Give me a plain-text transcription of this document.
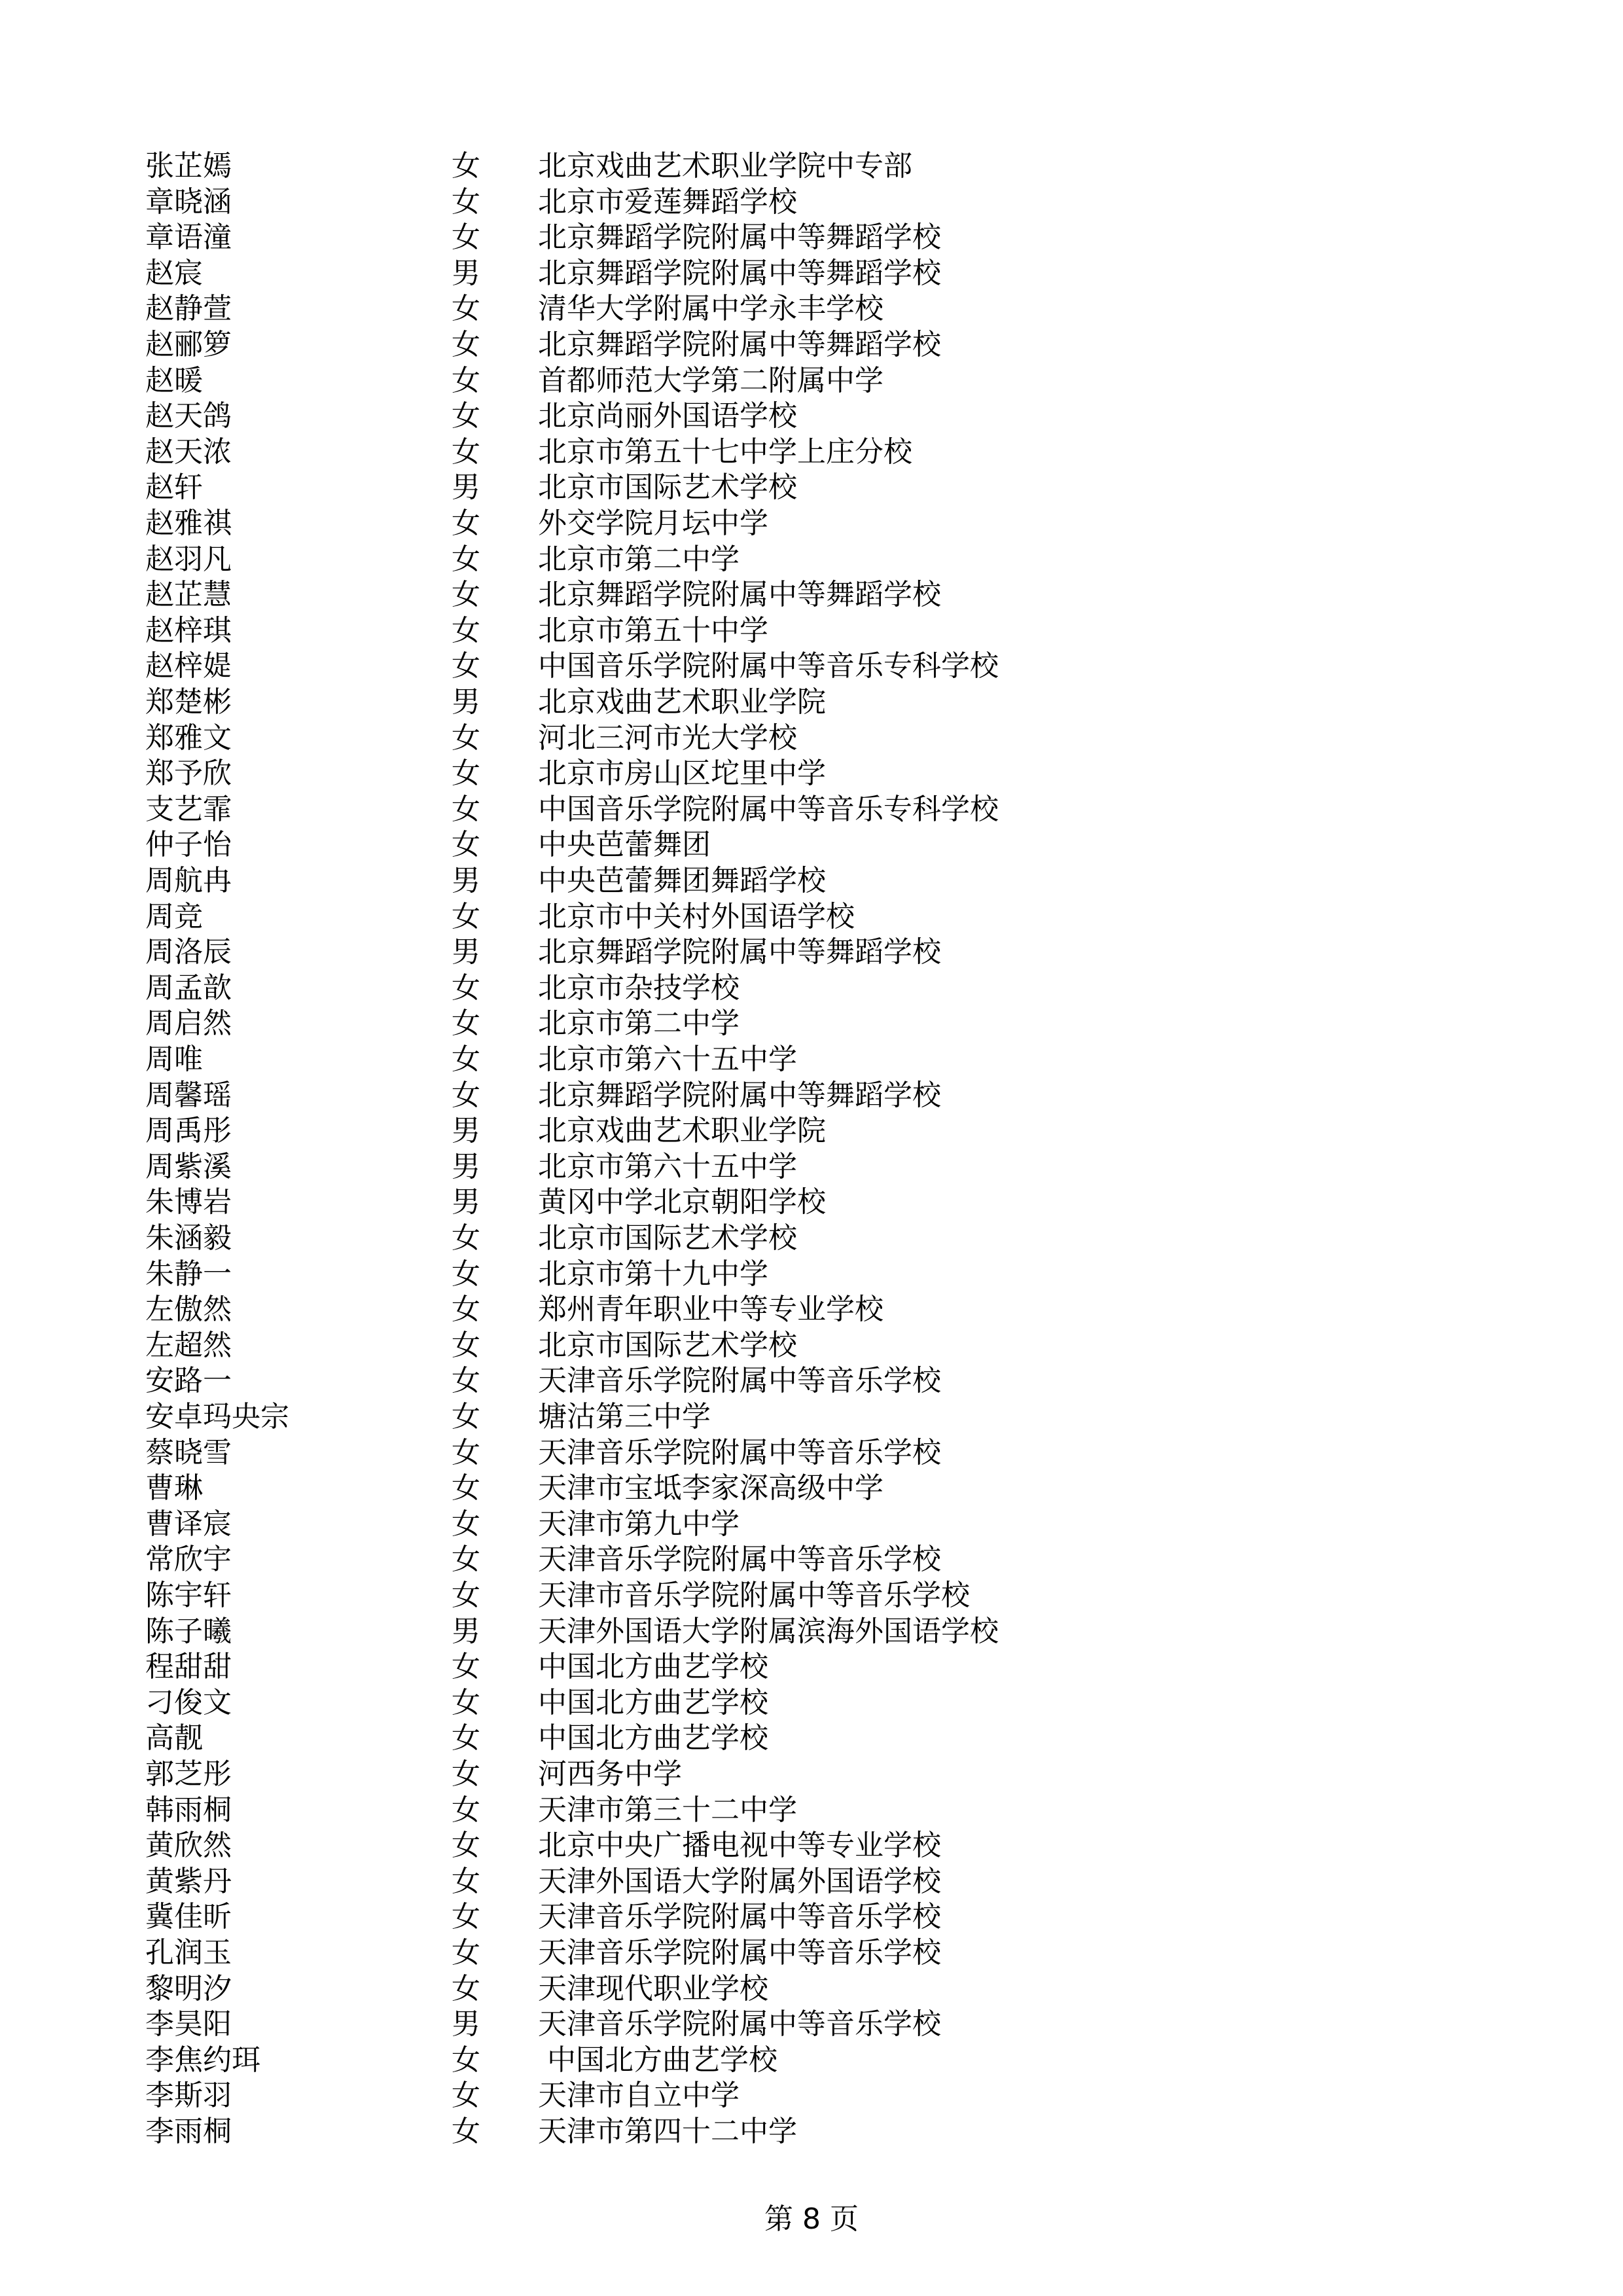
张芷嫣	女 北京戏曲艺术职业学院中专部
章晓涵	女 北京市爱莲舞蹈学校
章语潼	女 北京舞蹈学院附属中等舞蹈学校
赵宸	男 北京舞蹈学院附属中等舞蹈学校
赵静萱	女 清华大学附属中学永丰学校
赵郦箩	女 北京舞蹈学院附属中等舞蹈学校
赵暖	女 首都师范大学第二附属中学
赵天鸽	女 北京尚丽外国语学校
赵天浓	女 北京市第五十七中学上庄分校
赵轩	男 北京市国际艺术学校
赵雅祺	女 外交学院月坛中学
赵羽凡	女 北京市第二中学
赵芷慧	女 北京舞蹈学院附属中等舞蹈学校
赵梓琪	女 北京市第五十中学
赵梓媞	女 中国音乐学院附属中等音乐专科学校
郑楚彬	男 北京戏曲艺术职业学院
郑雅文	女 河北三河市光大学校
郑予欣	女 北京市房山区坨里中学
支艺霏	女 中国音乐学院附属中等音乐专科学校
仲子怡	女 中央芭蕾舞团
周航冉	男 中央芭蕾舞团舞蹈学校
周竞	女 北京市中关村外国语学校
周洛辰	男 北京舞蹈学院附属中等舞蹈学校
周孟歆	女 北京市杂技学校
周启然	女 北京市第二中学
周唯	女 北京市第六十五中学
周馨瑶	女 北京舞蹈学院附属中等舞蹈学校
周禹彤	男 北京戏曲艺术职业学院
周紫溪	男 北京市第六十五中学
朱博岩	男 黄冈中学北京朝阳学校
朱涵毅	女 北京市国际艺术学校
朱静一	女 北京市第十九中学
左傲然	女 郑州青年职业中等专业学校
左超然	女 北京市国际艺术学校
安路一	女 天津音乐学院附属中等音乐学校
安卓玛央宗	女 塘沽第三中学
蔡晓雪	女 天津音乐学院附属中等音乐学校
曹琳	女 天津市宝坻李家深高级中学
曹译宸	女 天津市第九中学
常欣宇	女 天津音乐学院附属中等音乐学校
陈宇轩	女 天津市音乐学院附属中等音乐学校
陈子曦	男 天津外国语大学附属滨海外国语学校
程甜甜	女 中国北方曲艺学校
刁俊文	女 中国北方曲艺学校
高靓	女 中国北方曲艺学校
郭芝彤	女 河西务中学
韩雨桐	女 天津市第三十二中学
黄欣然	女 北京中央广播电视中等专业学校
黄紫丹	女 天津外国语大学附属外国语学校
冀佳昕	女 天津音乐学院附属中等音乐学校
孔润玉	女 天津音乐学院附属中等音乐学校
黎明汐	女 天津现代职业学校
李昊阳	男 天津音乐学院附属中等音乐学校
李焦约珥	女 中国北方曲艺学校
李斯羽	女 天津市自立中学
李雨桐	女 天津市第四十二中学
第 8 页
